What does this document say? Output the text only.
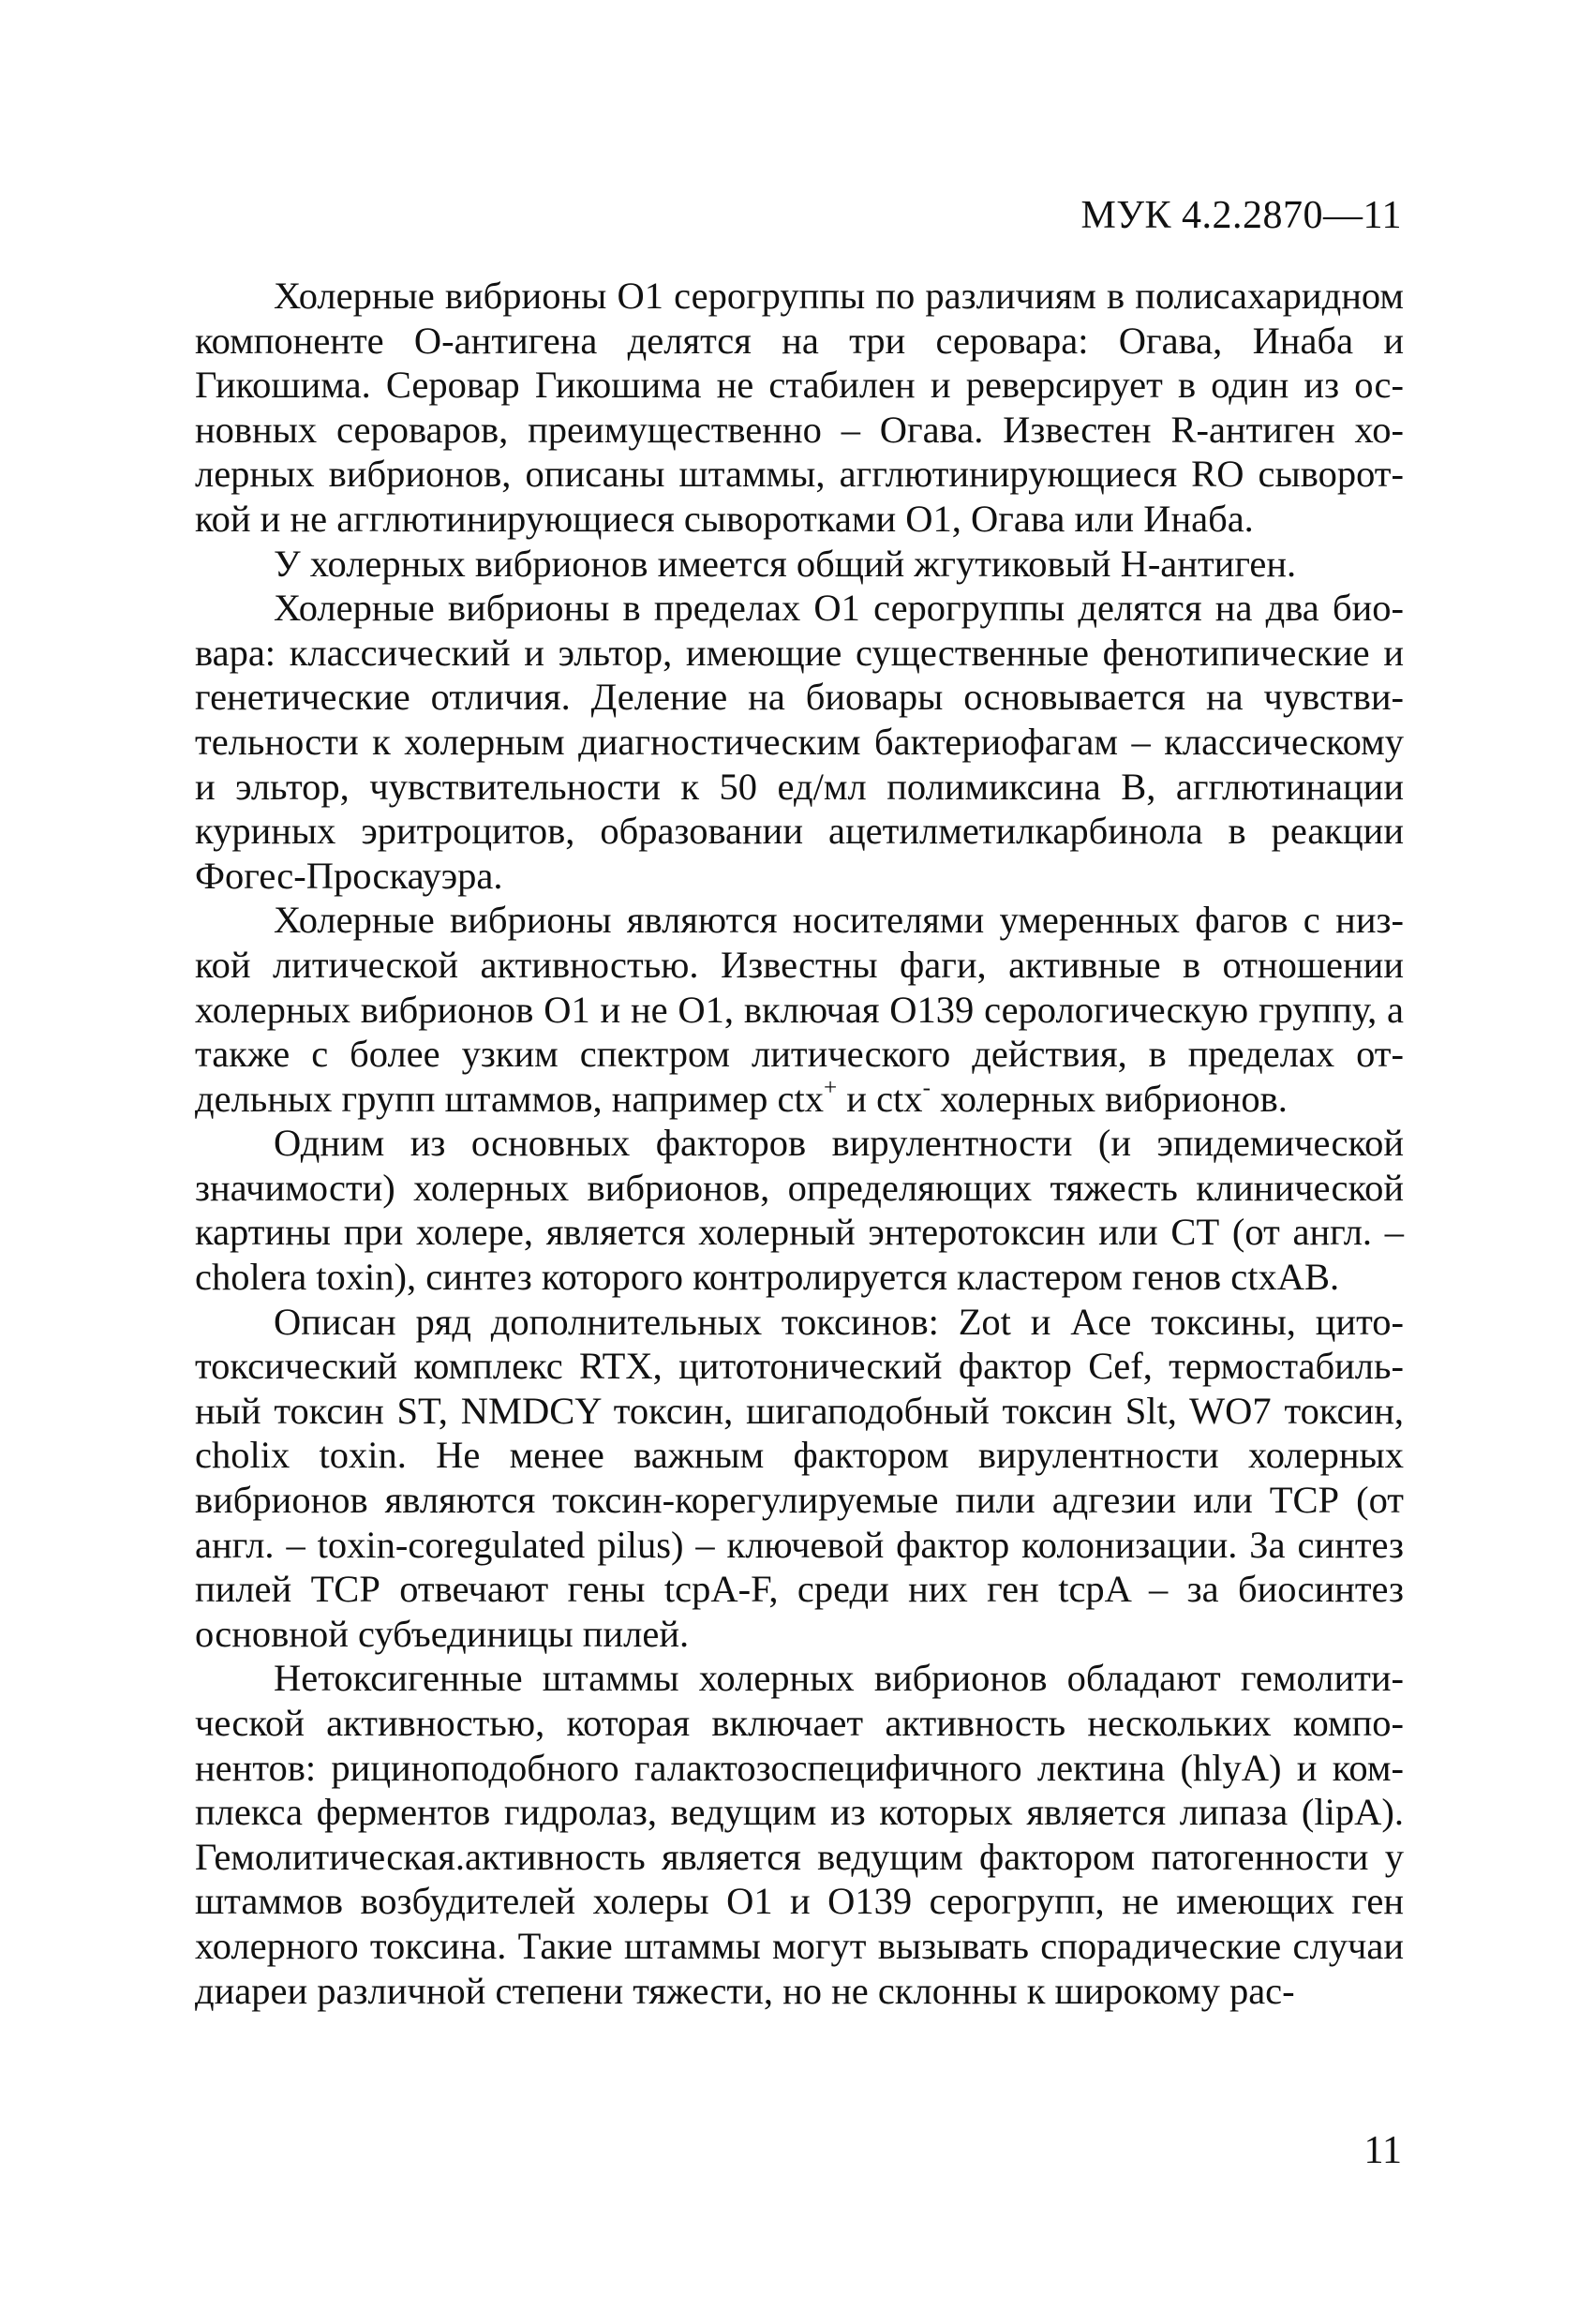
МУК 4.2.2870—11

Холерные вибрионы О1 серогруппы по различиям в полисахаридном компоненте О-антигена делятся на три серовара: Огава, Инаба и Гикошима. Серовар Гикошима не стабилен и реверсирует в один из основных сероваров, преимущественно – Огава. Известен R-антиген холерных вибрионов, описаны штаммы, агглютинирующиеся RO сывороткой и не агглютинирующиеся сыворотками О1, Огава или Инаба.

У холерных вибрионов имеется общий жгутиковый Н-антиген.

Холерные вибрионы в пределах О1 серогруппы делятся на два биовара: классический и эльтор, имеющие существенные фенотипические и генетические отличия. Деление на биовары основывается на чувствительности к холерным диагностическим бактериофагам – классическому и эльтор, чувствительности к 50 ед/мл полимиксина В, агглютинации куриных эритроцитов, образовании ацетилметилкарбинола в реакции Фогес-Проскауэра.

Холерные вибрионы являются носителями умеренных фагов с низкой литической активностью. Известны фаги, активные в отношении холерных вибрионов О1 и не О1, включая О139 серологическую группу, а также с более узким спектром литического действия, в пределах отдельных групп штаммов, например ctx+ и ctx- холерных вибрионов.

Одним из основных факторов вирулентности (и эпидемической значимости) холерных вибрионов, определяющих тяжесть клинической картины при холере, является холерный энтеротоксин или СТ (от англ. – cholera toxin), синтез которого контролируется кластером генов ctxAB.

Описан ряд дополнительных токсинов: Zot и Ace токсины, цитотоксический комплекс RTX, цитотонический фактор Cef, термостабильный токсин ST, NMDCY токсин, шигаподобный токсин Slt, WO7 токсин, cholix toxin. Не менее важным фактором вирулентности холерных вибрионов являются токсин-корегулируемые пили адгезии или ТСР (от англ. – toxin-coregulated pilus) – ключевой фактор колонизации. За синтез пилей ТСР отвечают гены tcpA-F, среди них ген tcpA – за биосинтез основной субъединицы пилей.

Нетоксигенные штаммы холерных вибрионов обладают гемолитической активностью, которая включает активность нескольких компонентов: рициноподобного галактозоспецифичного лектина (hlyA) и комплекса ферментов гидролаз, ведущим из которых является липаза (lipA). Гемолитическая.активность является ведущим фактором патогенности у штаммов возбудителей холеры О1 и О139 серогрупп, не имеющих ген холерного токсина. Такие штаммы могут вызывать спорадические случаи диареи различной степени тяжести, но не склонны к широкому рас-

11
